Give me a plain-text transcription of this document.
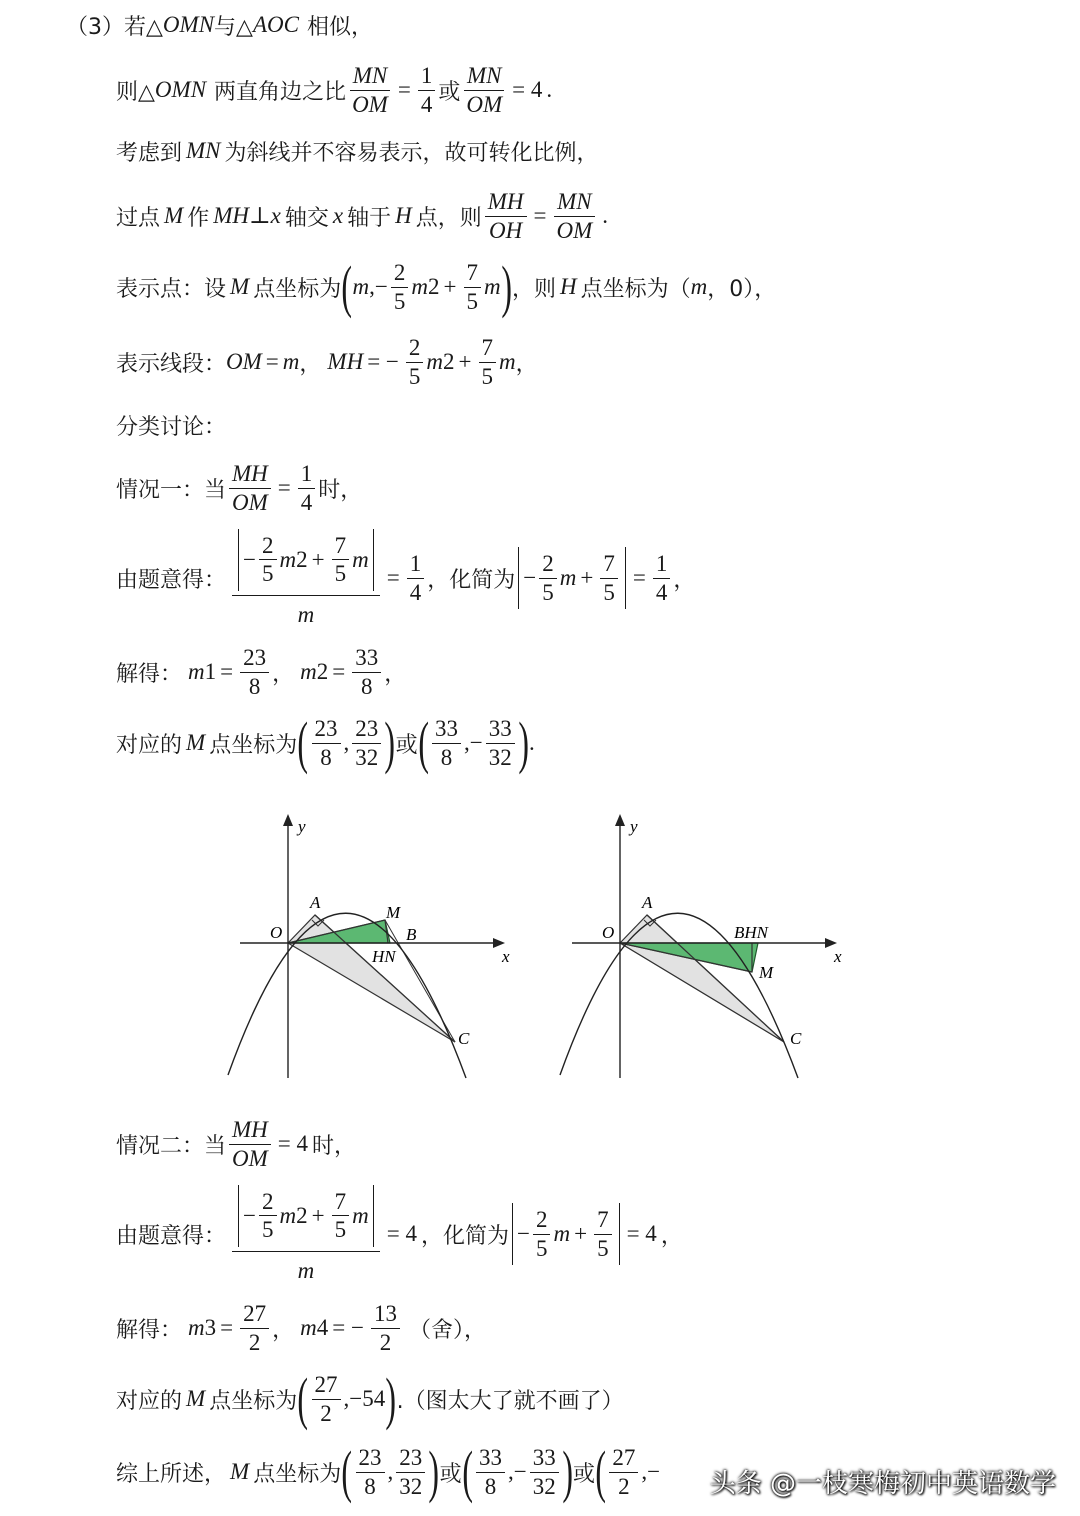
（3）若△ OMN 与△ AOC 相似，
则△ OMN 两直角边之比 $\frac{MN}{OM} = \frac{1}{4}$ 或 $\frac{MN}{OM} = 4$ .
考虑到 MN 为斜线并不容易表示，故可转化比例，
过点 M 作 MH ⊥ x 轴交 x 轴于 H 点，则 $\frac{MH}{OH} = \frac{MN}{OM}$ .
表示点：设 M 点坐标为 ( m ,− $\frac{2}{5}$ m $2 + \frac{7}{5}$ m ) ，则 H 点坐标为（ m ，0），
表示线段： OM = m ， MH = − $\frac{2}{5}$ m $2 + \frac{7}{5}$ m ，
分类讨论：
情况一：当 $\frac{MH}{OM} = \frac{1}{4}$ 时，
由题意得： $\frac{- \frac{2}{5} m 2 + \frac{7}{5} m}{m} = \frac{1}{4}$ ，化简为 − $\frac{2}{5}$ $m + \frac{7}{5} = \frac{1}{4}$ ，
解得： m $1 = \frac{23}{8}$ ， m $2 = \frac{33}{8}$ ，
对应的 M 点坐标为 ( $\frac{23}{8}$ , $\frac{23}{32}$ ) 或 ( $\frac{33}{8}$ ,− $\frac{33}{32}$ ) .
y
x
O
A
M
B
HN
C
y
x
O
A
BHN
M
C
情况二：当 $\frac{MH}{OM} = 4$ 时，
由题意得： $\frac{- \frac{2}{5} m 2 + \frac{7}{5} m}{m} = 4$ ，化简为 − $\frac{2}{5}$ $m + \frac{7}{5} = 4$ ，
解得： m $3 = \frac{27}{2}$ ， m 4 = − $\frac{13}{2}$ （舍），
对应的 M 点坐标为 ( $\frac{27}{2} ,-54$ ) .（图太大了就不画了）
综上所述， M 点坐标为 ( $\frac{23}{8}$ , $\frac{23}{32}$ ) 或 ( $\frac{33}{8}$ ,− $\frac{33}{32}$ ) 或 ( $\frac{27}{2}$ ,− 头条 @一枝寒梅初中英语数学
